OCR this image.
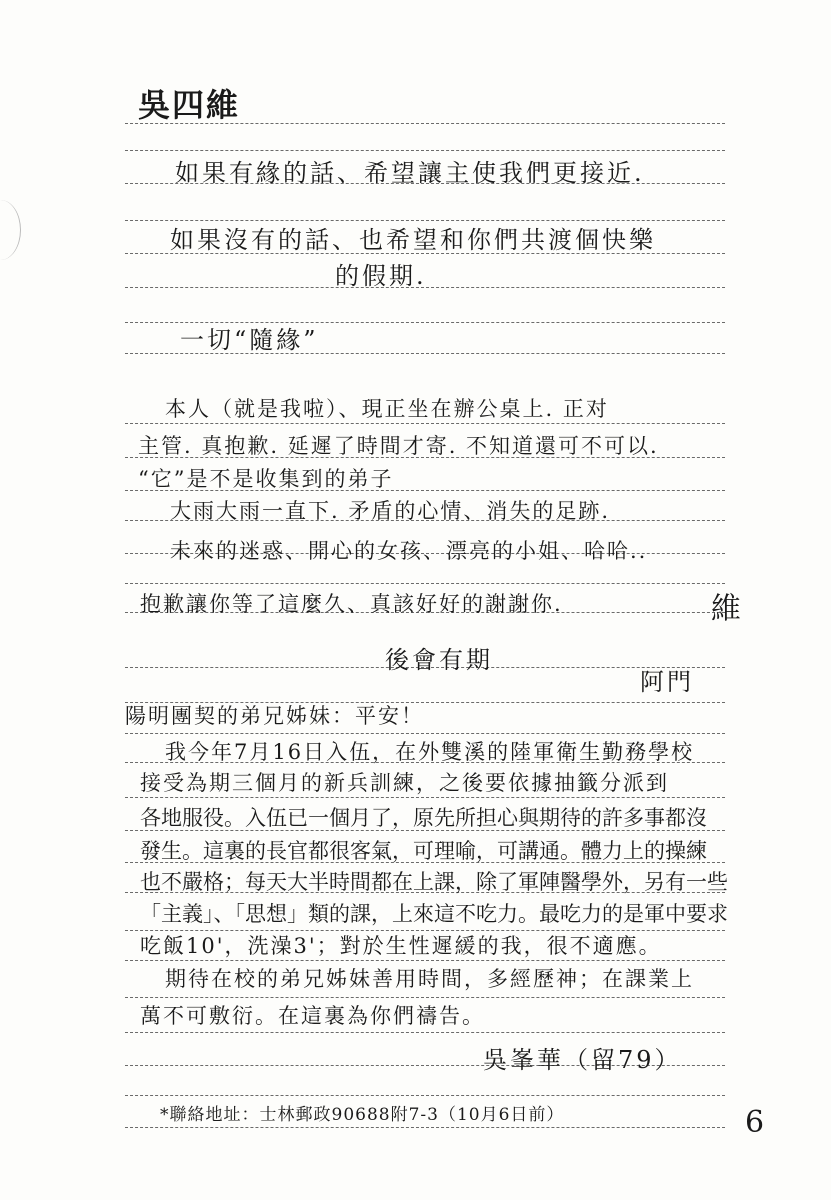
吳四維
如果有緣的話、希望讓主使我們更接近.
如果沒有的話、也希望和你們共渡個快樂
的假期.
一切“隨緣”
本人（就是我啦）、現正坐在辦公桌上. 正对
主管. 真抱歉. 延遲了時間才寄. 不知道還可不可以.
“它”是不是收集到的弟子
大雨大雨一直下. 矛盾的心情、消失的足跡.
未來的迷惑、開心的女孩、漂亮的小姐、哈哈..
抱歉讓你等了這麼久、真該好好的謝謝你.
後會有期
阿門
維
陽明團契的弟兄姊妹：平安！
我今年7月16日入伍，在外雙溪的陸軍衛生勤務學校
接受為期三個月的新兵訓練，之後要依據抽籤分派到
各地服役。入伍已一個月了，原先所担心與期待的許多事都沒
發生。這裏的長官都很客氣，可理喻，可講通。體力上的操練
也不嚴格；每天大半時間都在上課，除了軍陣醫學外，另有一些
「主義」、「思想」類的課，上來這不吃力。最吃力的是軍中要求
吃飯10'，洗澡3'；對於生性遲緩的我，很不適應。
期待在校的弟兄姊妹善用時間，多經歷神；在課業上
萬不可敷衍。在這裏為你們禱告。
吳峯華（留79）
*聯絡地址：士林郵政90688附7-3（10月6日前）	6
